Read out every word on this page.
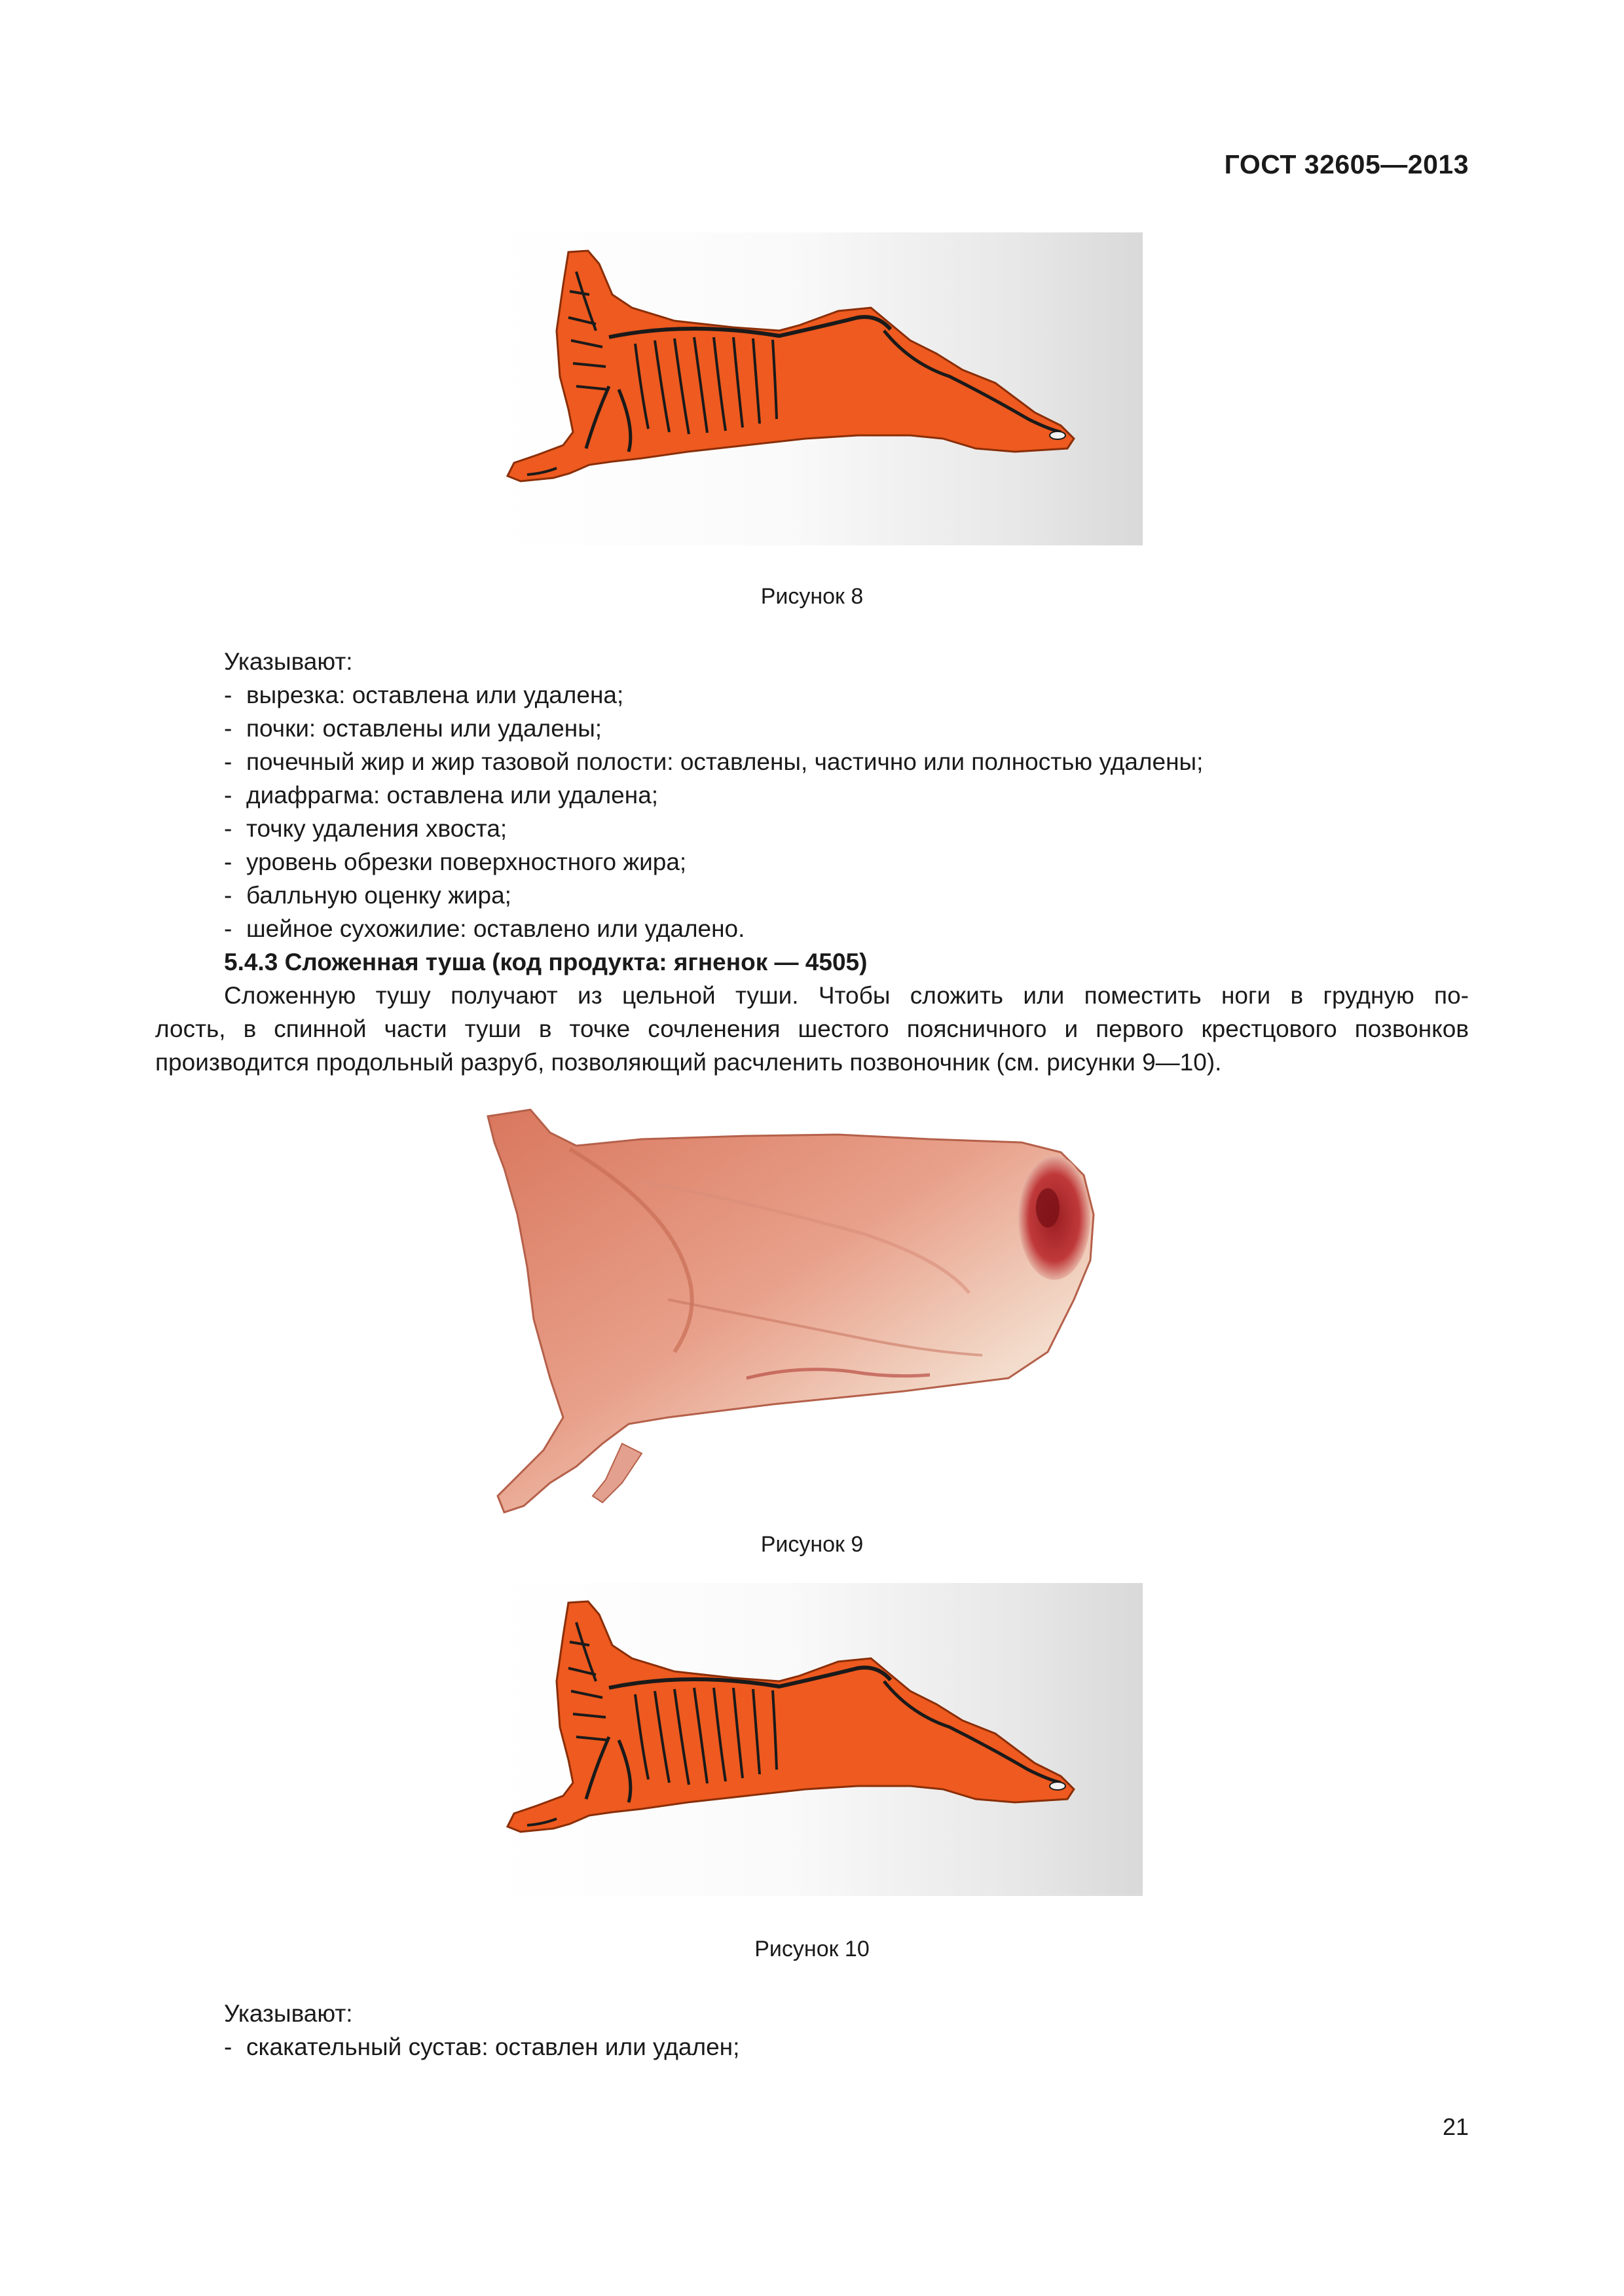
ГОСТ 32605—2013
Рисунок 8
Указывают:
- вырезка: оставлена или удалена;
- почки: оставлены или удалены;
- почечный жир и жир тазовой полости: оставлены, частично или полностью удалены;
- диафрагма: оставлена или удалена;
- точку удаления хвоста;
- уровень обрезки поверхностного жира;
- балльную оценку жира;
- шейное сухожилие: оставлено или удалено.
5.4.3 Сложенная туша (код продукта: ягненок — 4505)
Сложенную тушу получают из цельной туши. Чтобы сложить или поместить ноги в грудную по-
лость, в спинной части туши в точке сочленения шестого поясничного и первого крестцового позвонков производится продольный разруб, позволяющий расчленить позвоночник (см. рисунки 9—10).
Рисунок 9
Рисунок 10
Указывают:
- скакательный сустав: оставлен или удален;
21
